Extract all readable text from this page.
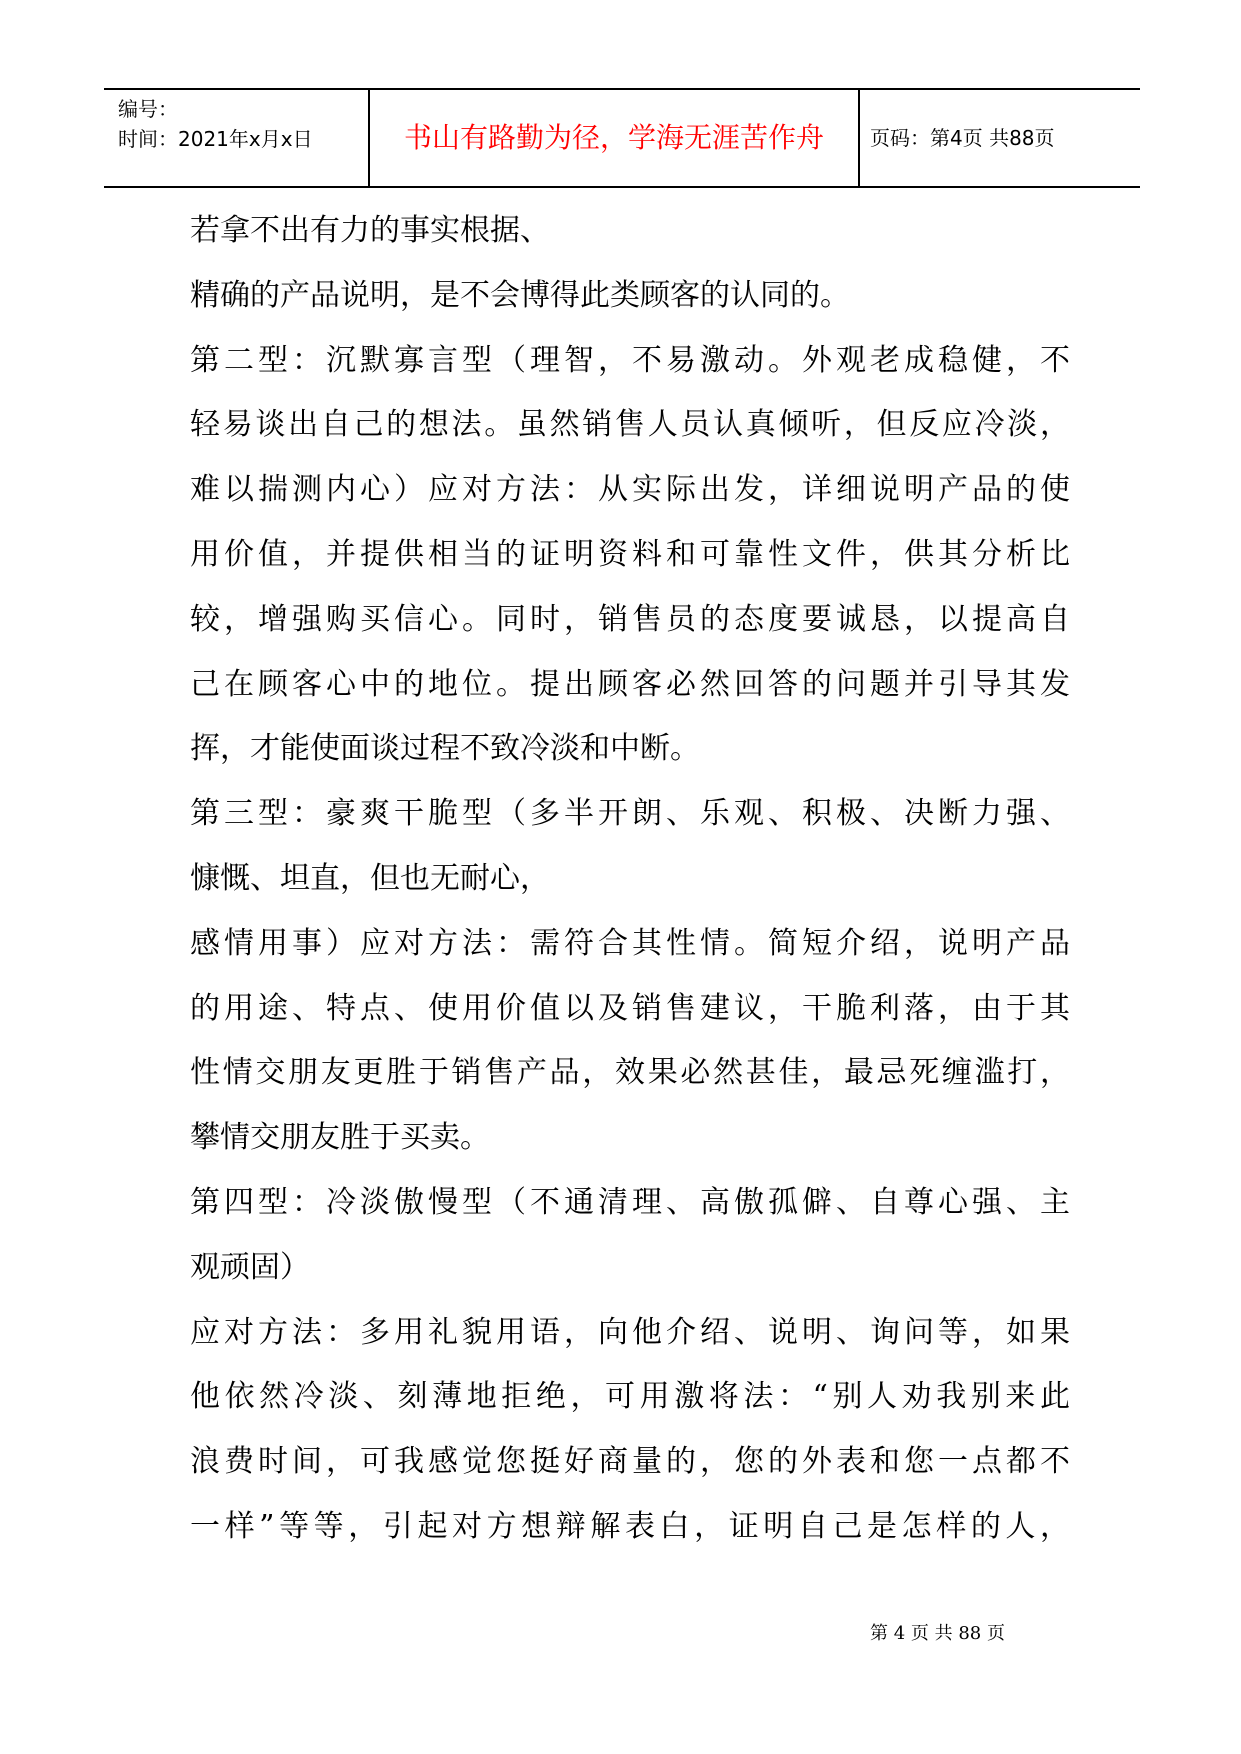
编号：
时间：2021年x月x日	书山有路勤为径，学海无涯苦作舟	页码：第4页 共88页
若拿不出有力的事实根据、
精确的产品说明，是不会博得此类顾客的认同的。
第二型：沉默寡言型（理智，不易激动。外观老成稳健，不
轻易谈出自己的想法。虽然销售人员认真倾听，但反应冷淡，
难以揣测内心）应对方法：从实际出发，详细说明产品的使
用价值，并提供相当的证明资料和可靠性文件，供其分析比
较，增强购买信心。同时，销售员的态度要诚恳，以提高自
己在顾客心中的地位。提出顾客必然回答的问题并引导其发
挥，才能使面谈过程不致冷淡和中断。
第三型：豪爽干脆型（多半开朗、乐观、积极、决断力强、
慷慨、坦直，但也无耐心，
感情用事）应对方法：需符合其性情。简短介绍，说明产品
的用途、特点、使用价值以及销售建议，干脆利落，由于其
性情交朋友更胜于销售产品，效果必然甚佳，最忌死缠滥打，
攀情交朋友胜于买卖。
第四型：冷淡傲慢型（不通清理、高傲孤僻、自尊心强、主
观顽固）
应对方法：多用礼貌用语，向他介绍、说明、询问等，如果
他依然冷淡、刻薄地拒绝，可用激将法：“别人劝我别来此
浪费时间，可我感觉您挺好商量的，您的外表和您一点都不
一样”等等，引起对方想辩解表白，证明自己是怎样的人，
第 4 页 共 88 页
